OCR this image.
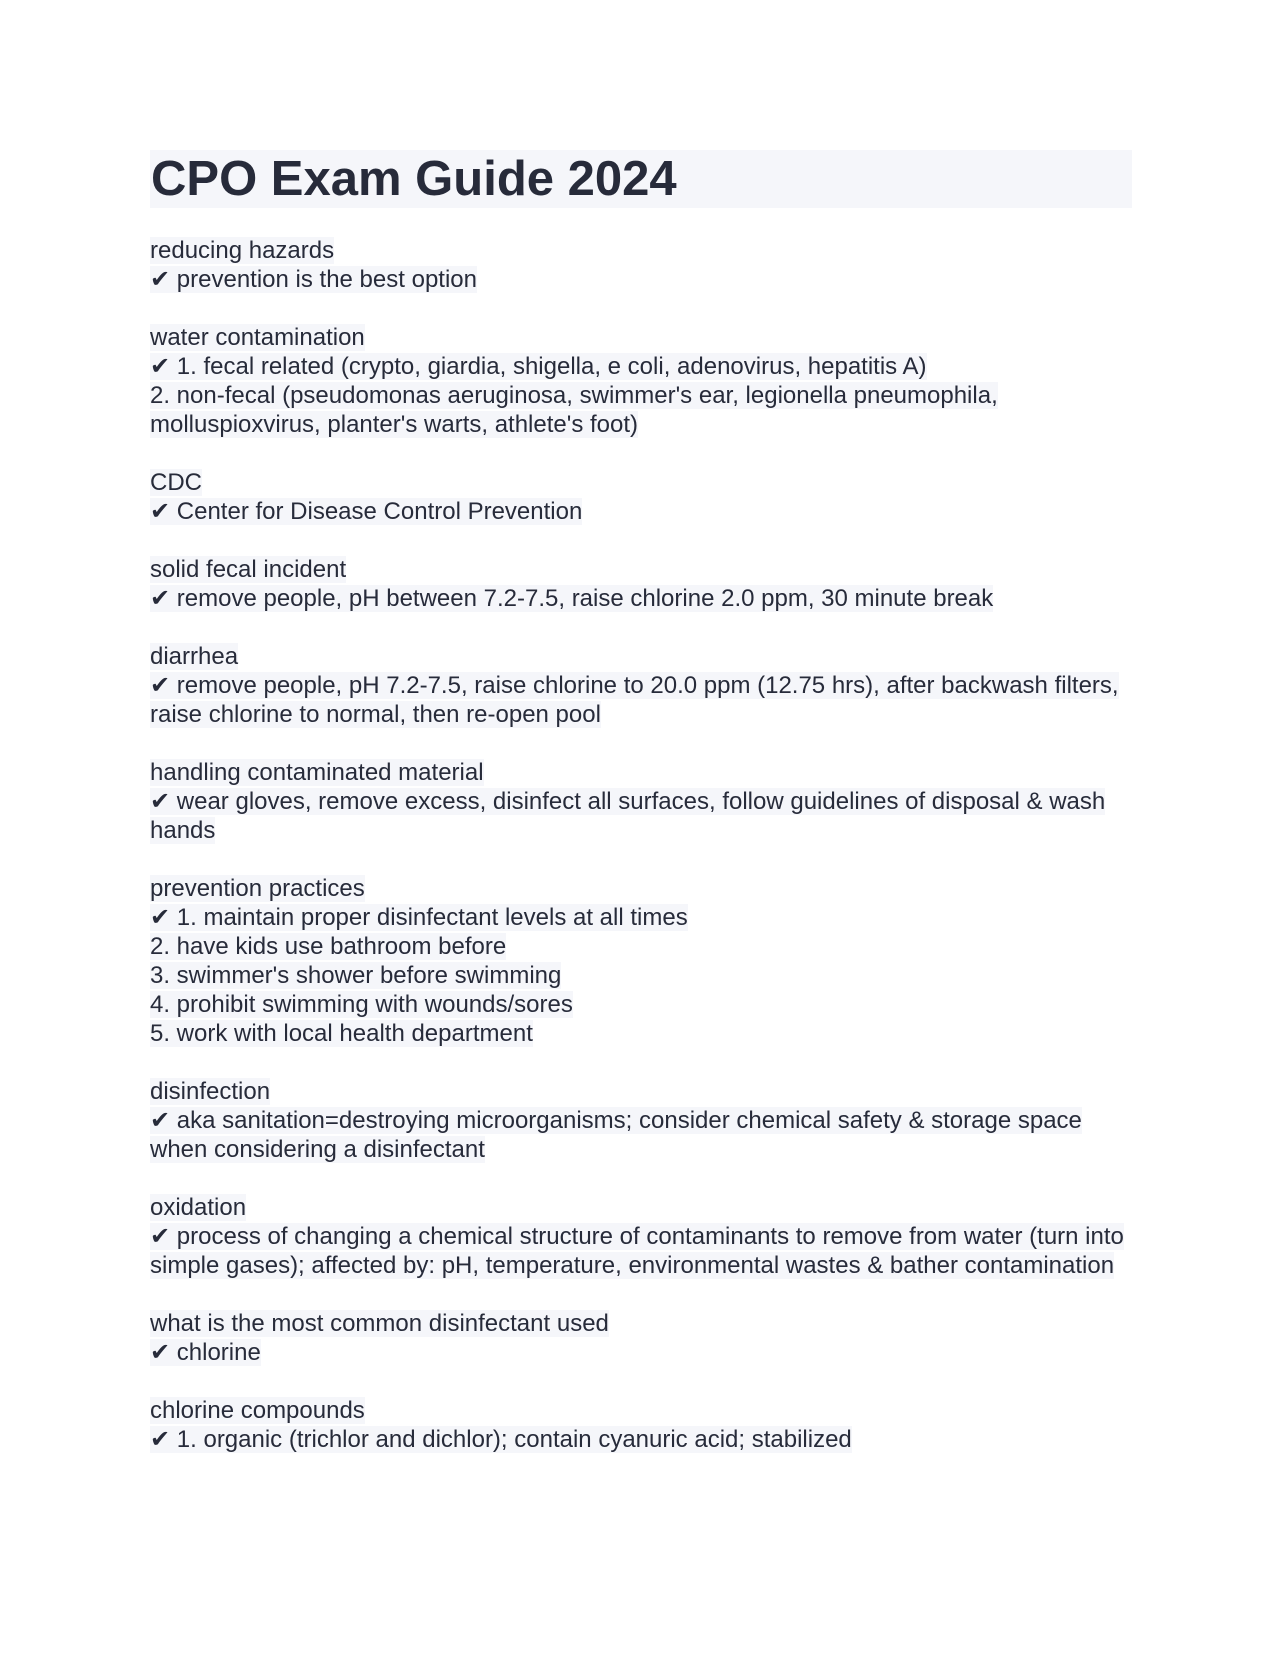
CPO Exam Guide 2024
reducing hazards
✔ prevention is the best option
water contamination
✔ 1. fecal related (crypto, giardia, shigella, e coli, adenovirus, hepatitis A)
2. non-fecal (pseudomonas aeruginosa, swimmer's ear, legionella pneumophila, molluspioxvirus, planter's warts, athlete's foot)
CDC
✔ Center for Disease Control Prevention
solid fecal incident
✔ remove people, pH between 7.2-7.5, raise chlorine 2.0 ppm, 30 minute break
diarrhea
✔ remove people, pH 7.2-7.5, raise chlorine to 20.0 ppm (12.75 hrs), after backwash filters, raise chlorine to normal, then re-open pool
handling contaminated material
✔ wear gloves, remove excess, disinfect all surfaces, follow guidelines of disposal & wash hands
prevention practices
✔ 1. maintain proper disinfectant levels at all times
2. have kids use bathroom before
3. swimmer's shower before swimming
4. prohibit swimming with wounds/sores
5. work with local health department
disinfection
✔ aka sanitation=destroying microorganisms; consider chemical safety & storage space when considering a disinfectant
oxidation
✔ process of changing a chemical structure of contaminants to remove from water (turn into simple gases); affected by: pH, temperature, environmental wastes & bather contamination
what is the most common disinfectant used
✔ chlorine
chlorine compounds
✔ 1. organic (trichlor and dichlor); contain cyanuric acid; stabilized
